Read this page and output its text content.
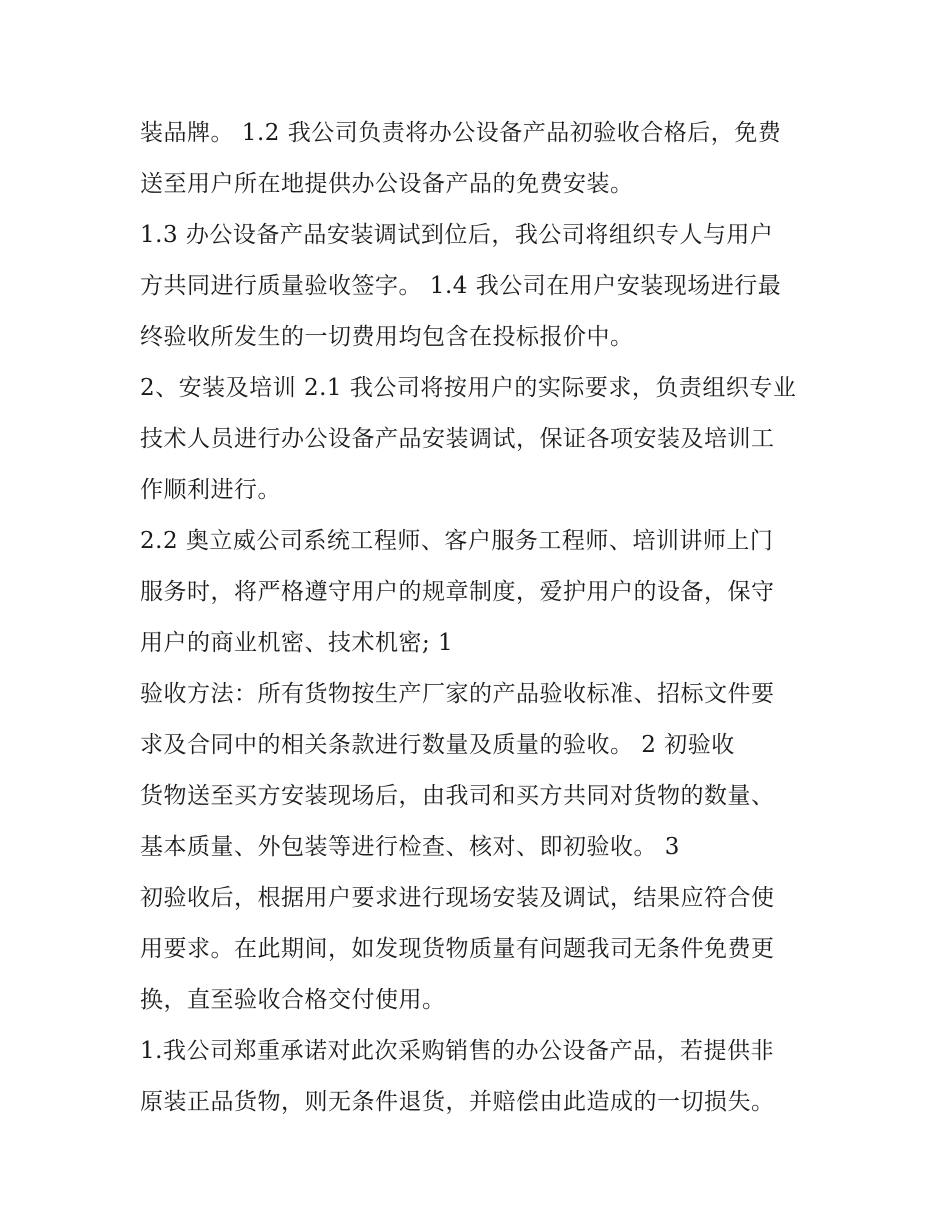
装品牌。 1.2 我公司负责将办公设备产品初验收合格后，免费
送至用户所在地提供办公设备产品的免费安装。
1.3 办公设备产品安装调试到位后，我公司将组织专人与用户
方共同进行质量验收签字。 1.4 我公司在用户安装现场进行最
终验收所发生的一切费用均包含在投标报价中。
2、安装及培训 2.1 我公司将按用户的实际要求，负责组织专业
技术人员进行办公设备产品安装调试，保证各项安装及培训工
作顺利进行。
2.2 奥立威公司系统工程师、客户服务工程师、培训讲师上门
服务时，将严格遵守用户的规章制度，爱护用户的设备，保守
用户的商业机密、技术机密; 1
验收方法：所有货物按生产厂家的产品验收标准、招标文件要
求及合同中的相关条款进行数量及质量的验收。 2 初验收
货物送至买方安装现场后，由我司和买方共同对货物的数量、
基本质量、外包装等进行检查、核对、即初验收。 3
初验收后，根据用户要求进行现场安装及调试，结果应符合使
用要求。在此期间，如发现货物质量有问题我司无条件免费更
换，直至验收合格交付使用。
1.我公司郑重承诺对此次采购销售的办公设备产品，若提供非
原装正品货物，则无条件退货，并赔偿由此造成的一切损失。
